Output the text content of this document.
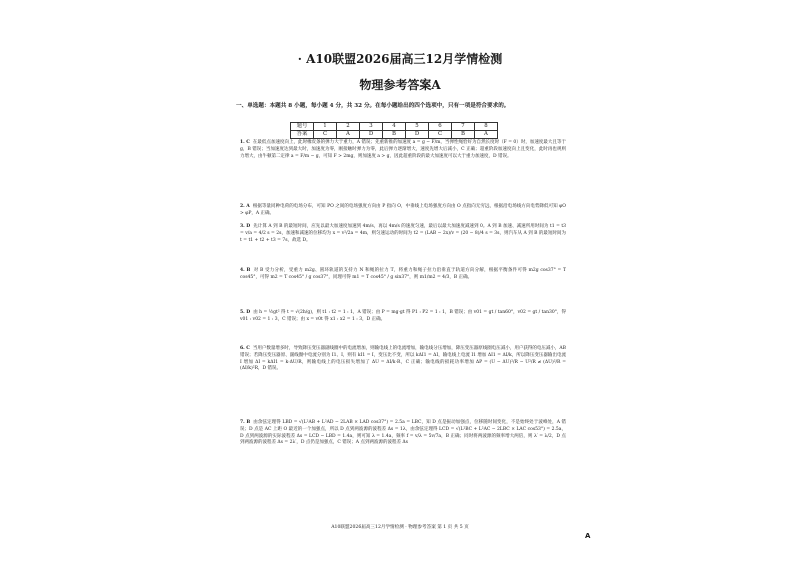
· A10联盟2026届高三12月学情检测
物理参考答案A
一、单选题：本题共 8 小题，每小题 4 分，共 32 分。在每小题给出的四个选项中，只有一项是符合要求的。
题号	1	2	3	4	5	6	7	8
答案	C	A	D	B	D	C	B	A
1. C 在最低点加速度向上，此时橡皮条的弹力大于重力，A 错误；先重新推的加速度 a = g − F/m，当弹性绳恰好为自然长度时（F = 0）时，加速度最大且等于 g，B 错误；当加速度达到最大时，加速度为零，刚接触时弹力为零，此后弹力逐渐增大，速度先增大后减小，C 正确；超重阶段加速度向上且变化，此时再也规则力增大，由牛顿第二定律 a = F/m − g，可知 F > 2mg，则加速度 a > g，因此超重阶段的最大加速度可以大于重力加速度，D 错误。
2. A 根据等量同种电荷的电场分布，可知 PO 之间的电场强度方向由 P 指向 O，中垂线上电场强度方向由 O 点指向无穷远，根据沿电场线方向电势降低可知 φO > φP，A 正确。
3. D 先计算 A 到 B 的最短时间，应先以最大加速度加速到 4m/s，再以 4m/s 的速度匀速，最后以最大加速度减速到 0。A 到 B 加速、减速所用时间为 t1 = t3 = v/a = 4/2 s = 2s，加速和减速的位移均为 x = v²/2a = 4m，则匀速运动的时间为 t2 = (LAB − 2x)/v = (20 − 8)/4 s = 3s，则汽车从 A 到 B 的最短时间为 t = t1 + t2 + t3 = 7s，故选 D。
4. B 对 B 受力分析，受重力 m2g、圆环轨道的支持力 N 和绳的拉力 T，将重力和绳子拉力沿垂直于轨道方向分解，根据平衡条件可得 m2g cos37° = T cos45°，可得 m2 = T cos45° / g cos37°，同理可得 m1 = T cos45° / g sin37°，则 m1/m2 = 4/3，B 正确。
5. D 由 h = ½gt² 得 t = √(2h/g)，则 t1 : t2 = 1 : 1，A 错误；由 P = mg·gt 得 P1 : P2 = 1 : 1，B 错误；由 v01 = gt / tan60°，v02 = gt / tan30°，得 v01 : v02 = 1 : 3，C 错误；由 x = v0t 得 x1 : x2 = 1 : 3，D 正确。
6. C 当用户数量增多时，导致降压变压器副线圈中的电流增加，则输电线上的电流增加，输电线分压增加，降压变压器原线圈电压减小，用户获得的电压减小，AB 错误；若降压变压器原、副线圈中电流分别为 I1、I，则有 kI1 = I，变压比不变，所以 kΔI1 = ΔI，输电线上电流 I1 增加 ΔI1 = ΔI/k，所以降压变压器输出电流 I 增加 ΔI = kΔI1 = k·ΔU/R，则输电线上的电压损失增加了 ΔU = ΔI/k·R，C 正确；输电线的损耗功率增加 ΔP = (U − ΔU)²/R − U²/R ≠ (ΔU)²/R = (ΔI/k)²R，D 错误。
7. B 由余弦定理得 LBD = √(L²AB + L²AD − 2LAB × LAD cos37°) = 2.5a = LBC，知 D 点是振动加强点，位移随时间变化，不是始终处于波峰处，A 错误；D 点是 AC 上距 O 最近的一个加强点，所以 D 点到两波源的波程差 Δs = 1λ，由余弦定理得 LCD = √(L²BC + L²AC − 2LBC × LAC cos53°) = 2.5a，D 点到两波源的实际波程差 Δs = LCD − LBD = 1.4a，则可知 λ = 1.4a，频率 f = v/λ = 5v/7a，B 正确；同时将两波源的频率增大两倍，则 λ′ = λ/2，D 点到两波源的波程差 Δs = 2λ′，D 点仍是加强点，C 错误；A 点到两波源的波程差 Δs
A10联盟2026届高三12月学情检测 · 物理参考答案 第 1 页 共 5 页
A
